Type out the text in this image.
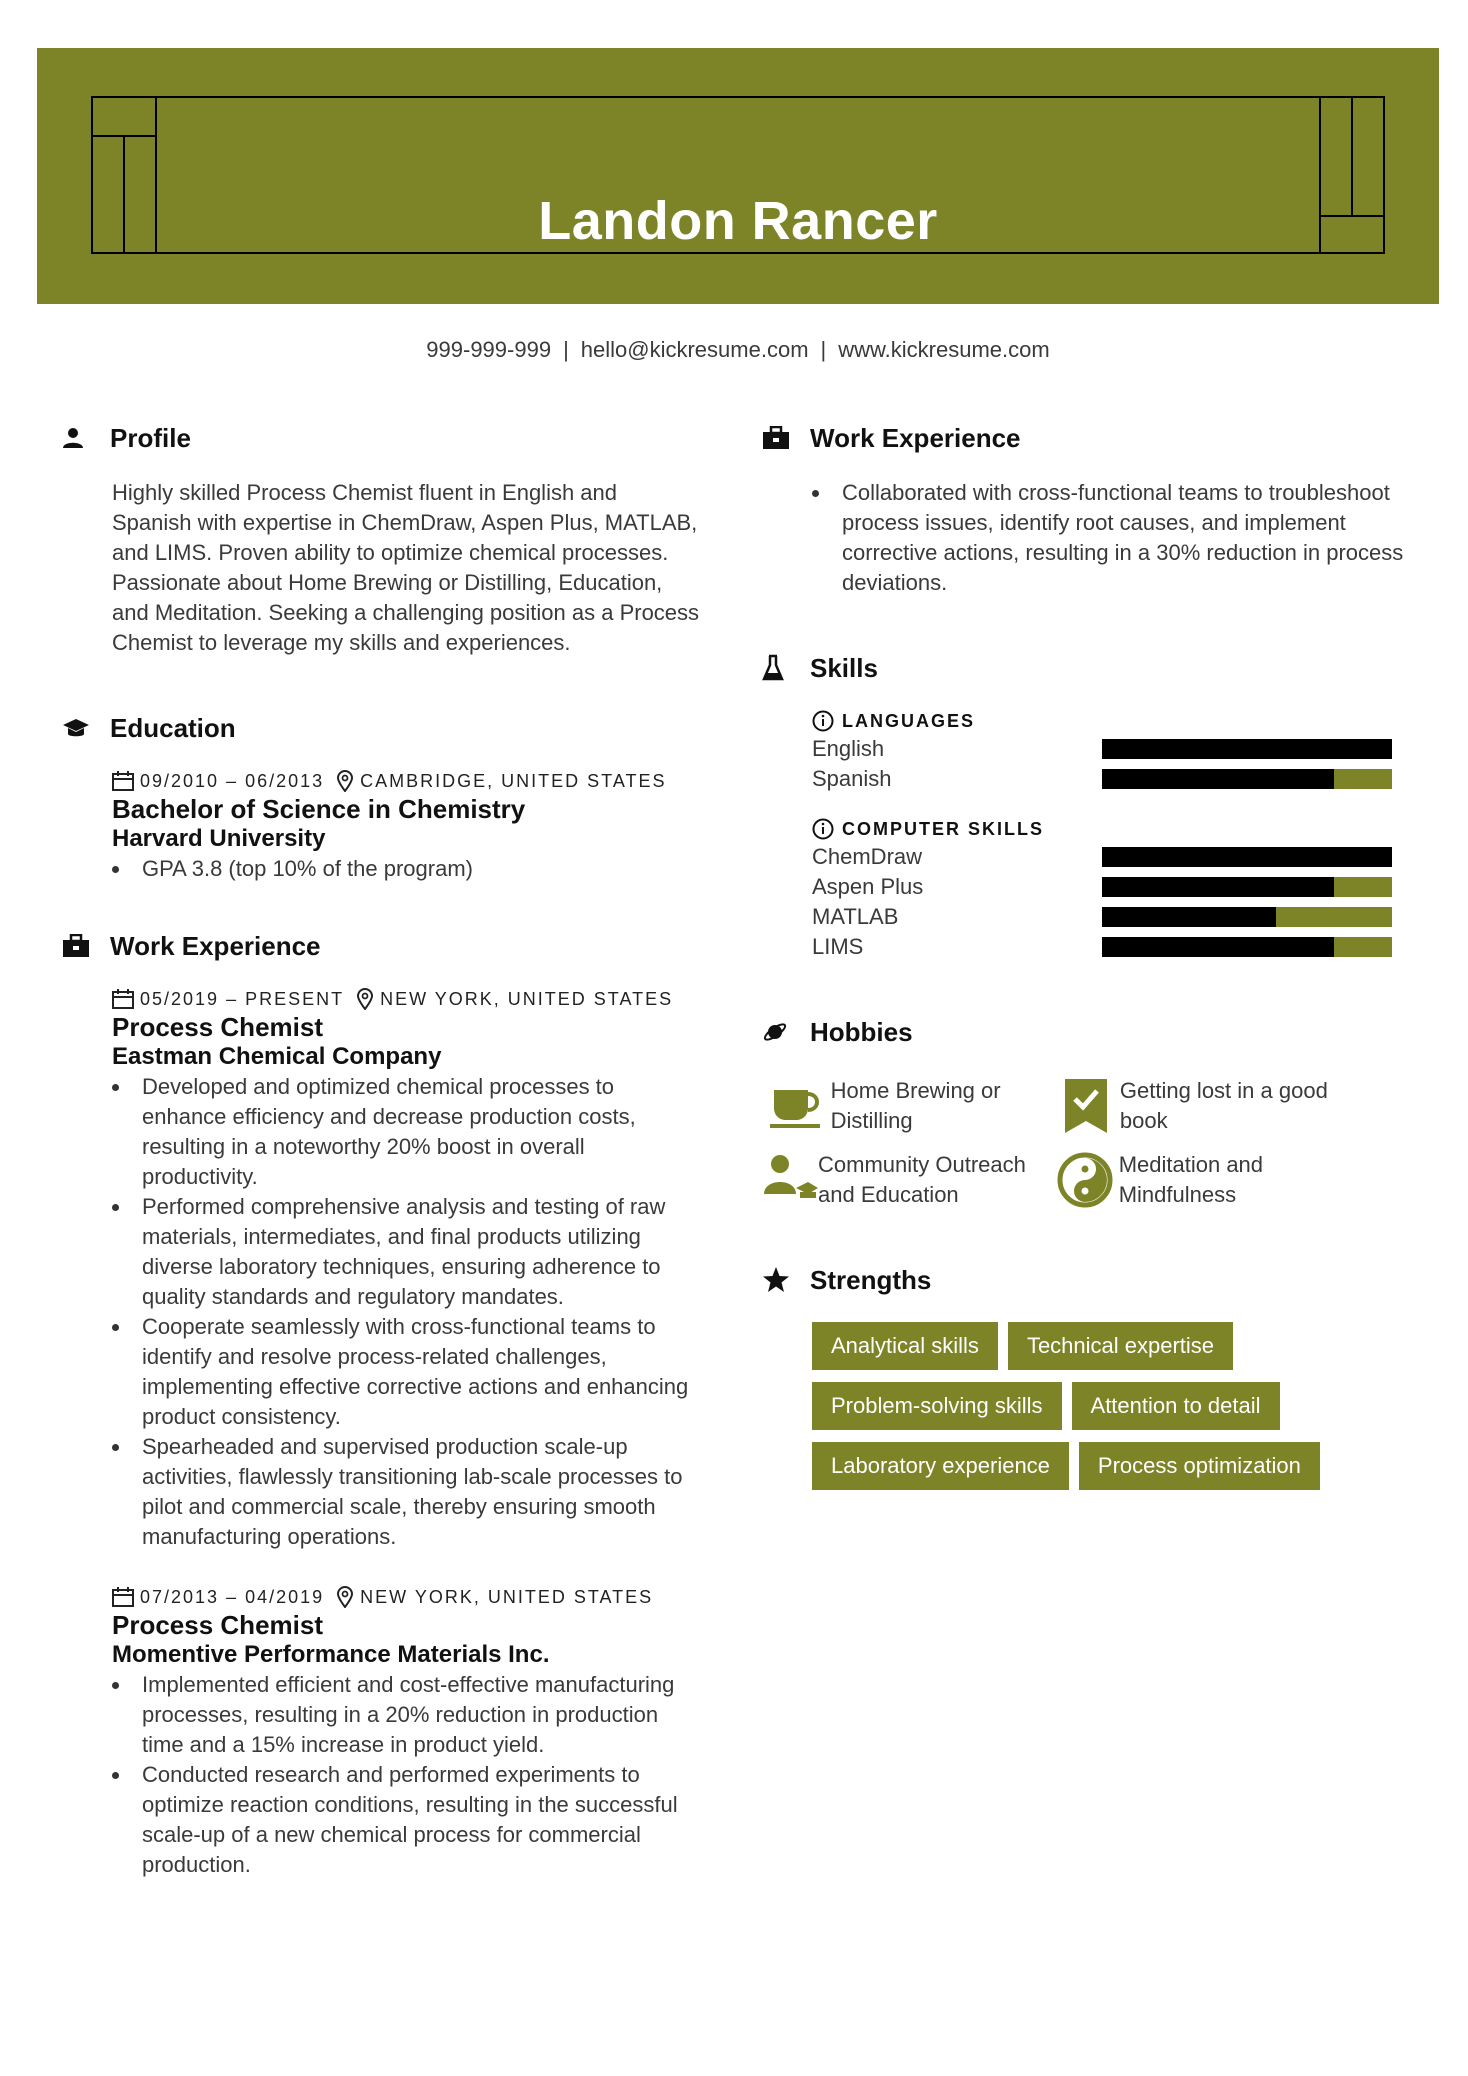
Landon Rancer
999-999-999 | hello@kickresume.com | www.kickresume.com
Profile

Highly skilled Process Chemist fluent in English and Spanish with expertise in ChemDraw, Aspen Plus, MATLAB, and LIMS. Proven ability to optimize chemical processes. Passionate about Home Brewing or Distilling, Education, and Meditation. Seeking a challenging position as a Process Chemist to leverage my skills and experiences.

Education
09/2010 – 06/2013 CAMBRIDGE, UNITED STATES
Bachelor of Science in Chemistry
Harvard University
GPA 3.8 (top 10% of the program)
Work Experience
05/2019 – PRESENT NEW YORK, UNITED STATES
Process Chemist
Eastman Chemical Company
Developed and optimized chemical processes to enhance efficiency and decrease production costs, resulting in a noteworthy 20% boost in overall productivity.
Performed comprehensive analysis and testing of raw materials, intermediates, and final products utilizing diverse laboratory techniques, ensuring adherence to quality standards and regulatory mandates.
Cooperate seamlessly with cross-functional teams to identify and resolve process-related challenges, implementing effective corrective actions and enhancing product consistency.
Spearheaded and supervised production scale-up activities, flawlessly transitioning lab-scale processes to pilot and commercial scale, thereby ensuring smooth manufacturing operations.
07/2013 – 04/2019 NEW YORK, UNITED STATES
Process Chemist
Momentive Performance Materials Inc.
Implemented efficient and cost-effective manufacturing processes, resulting in a 20% reduction in production time and a 15% increase in product yield.
Conducted research and performed experiments to optimize reaction conditions, resulting in the successful scale-up of a new chemical process for commercial production.
Work Experience
Collaborated with cross-functional teams to troubleshoot process issues, identify root causes, and implement corrective actions, resulting in a 30% reduction in process deviations.
Skills
LANGUAGES
English
Spanish
COMPUTER SKILLS
ChemDraw
Aspen Plus
MATLAB
LIMS
Hobbies
Home Brewing or Distilling
Getting lost in a good book
Community Outreach and Education
Meditation and Mindfulness
Strengths
Analytical skills	Technical expertise
Problem-solving skills	Attention to detail
Laboratory experience	Process optimization
